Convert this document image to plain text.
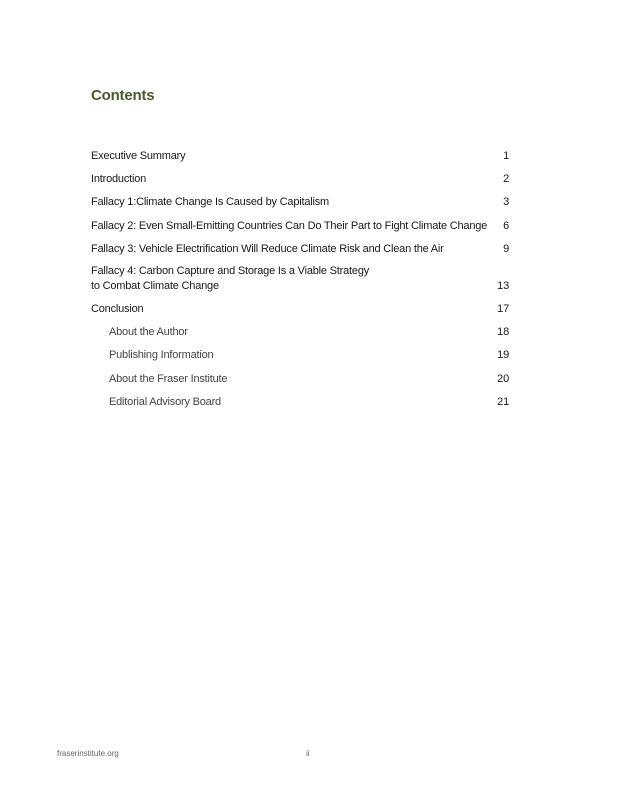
Contents
Executive Summary	1
Introduction	2
Fallacy 1:Climate Change Is Caused by Capitalism	3
Fallacy 2: Even Small-Emitting Countries Can Do Their Part to Fight Climate Change 6
Fallacy 3: Vehicle Electrification Will Reduce Climate Risk and Clean the Air	9
Fallacy 4: Carbon Capture and Storage Is a Viable Strategy
to Combat Climate Change	13
Conclusion	17
About the Author	18
Publishing Information	19
About the Fraser Institute	20
Editorial Advisory Board	21
fraserinstitute.org	ii
